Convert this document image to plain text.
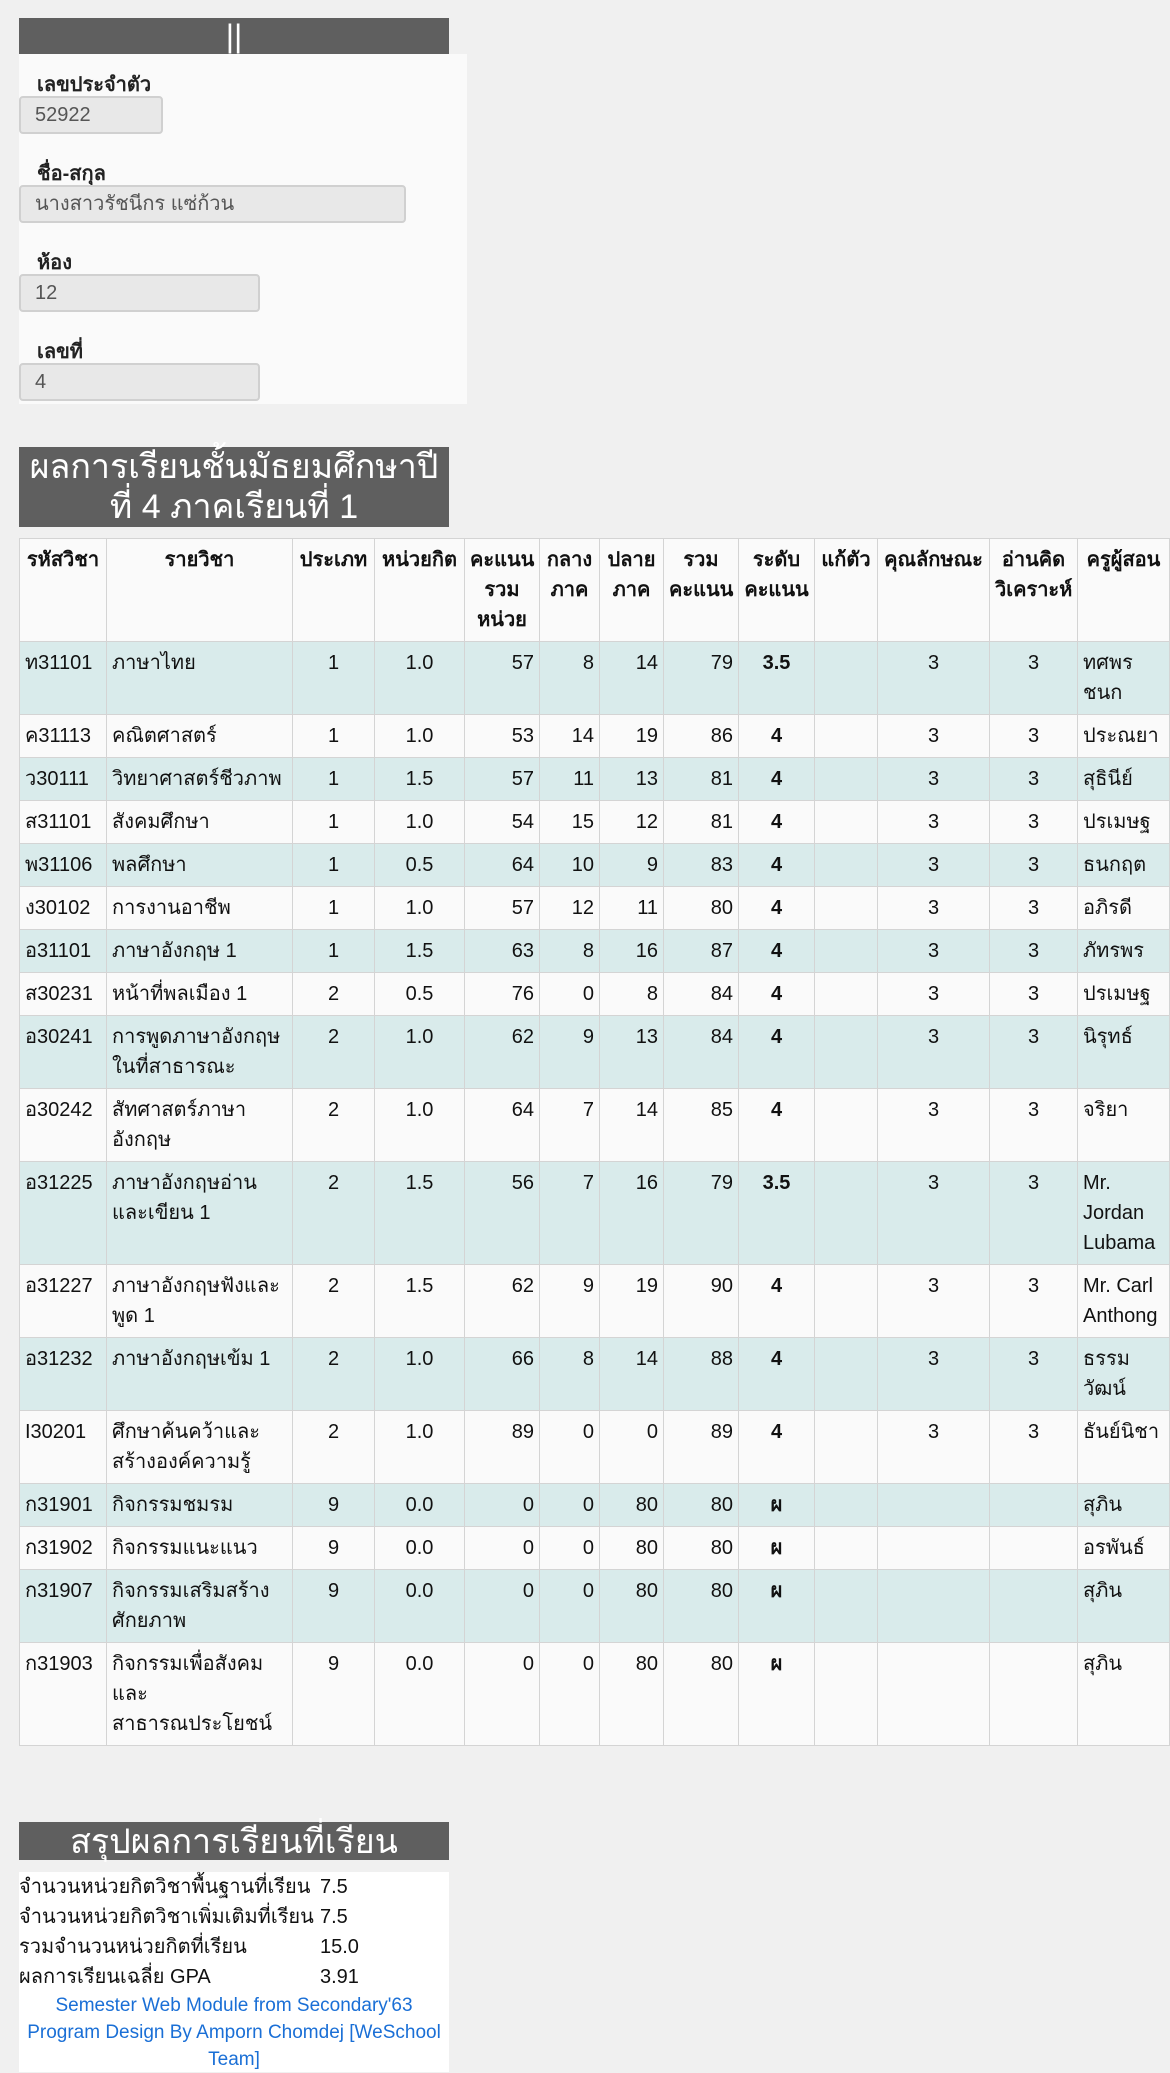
||
เลขประจำตัว
52922
ชื่อ-สกุล
นางสาวรัชนีกร แซ่ก้วน
ห้อง
12
เลขที่
4
ผลการเรียนชั้นมัธยมศึกษาปี
ที่ 4 ภาคเรียนที่ 1
รหัสวิชา	รายวิชา	ประเภท	หน่วยกิต	คะแนนรวมหน่วย	กลางภาค	ปลายภาค	รวมคะแนน	ระดับคะแนน	แก้ตัว	คุณลักษณะ	อ่านคิดวิเคราะห์	ครูผู้สอน
ท31101	ภาษาไทย	1	1.0	57	8	14	79	3.5		3	3	ทศพร ชนก
ค31113	คณิตศาสตร์	1	1.0	53	14	19	86	4		3	3	ประณยา
ว30111	วิทยาศาสตร์ชีวภาพ	1	1.5	57	11	13	81	4		3	3	สุธินีย์
ส31101	สังคมศึกษา	1	1.0	54	15	12	81	4		3	3	ปรเมษฐ
พ31106	พลศึกษา	1	0.5	64	10	9	83	4		3	3	ธนกฤต
ง30102	การงานอาชีพ	1	1.0	57	12	11	80	4		3	3	อภิรดี
อ31101	ภาษาอังกฤษ 1	1	1.5	63	8	16	87	4		3	3	ภัทรพร
ส30231	หน้าที่พลเมือง 1	2	0.5	76	0	8	84	4		3	3	ปรเมษฐ
อ30241	การพูดภาษาอังกฤษในที่สาธารณะ	2	1.0	62	9	13	84	4		3	3	นิรุทธ์
อ30242	สัทศาสตร์ภาษาอังกฤษ	2	1.0	64	7	14	85	4		3	3	จริยา
อ31225	ภาษาอังกฤษอ่านและเขียน 1	2	1.5	56	7	16	79	3.5		3	3	Mr. Jordan Lubama
อ31227	ภาษาอังกฤษฟังและพูด 1	2	1.5	62	9	19	90	4		3	3	Mr. Carl Anthong
อ31232	ภาษาอังกฤษเข้ม 1	2	1.0	66	8	14	88	4		3	3	ธรรมวัฒน์
I30201	ศึกษาค้นคว้าและสร้างองค์ความรู้	2	1.0	89	0	0	89	4		3	3	ธันย์นิชา
ก31901	กิจกรรมชมรม	9	0.0	0	0	80	80	ผ				สุภิน
ก31902	กิจกรรมแนะแนว	9	0.0	0	0	80	80	ผ				อรพันธ์
ก31907	กิจกรรมเสริมสร้างศักยภาพ	9	0.0	0	0	80	80	ผ				สุภิน
ก31903	กิจกรรมเพื่อสังคมและสาธารณประโยชน์	9	0.0	0	0	80	80	ผ				สุภิน
สรุปผลการเรียนที่เรียน
จำนวนหน่วยกิตวิชาพื้นฐานที่เรียน 7.5
จำนวนหน่วยกิตวิชาเพิ่มเติมที่เรียน 7.5
รวมจำนวนหน่วยกิตที่เรียน	15.0
ผลการเรียนเฉลี่ย GPA	3.91
Semester Web Module from Secondary'63
Program Design By Amporn Chomdej [WeSchool Team]
